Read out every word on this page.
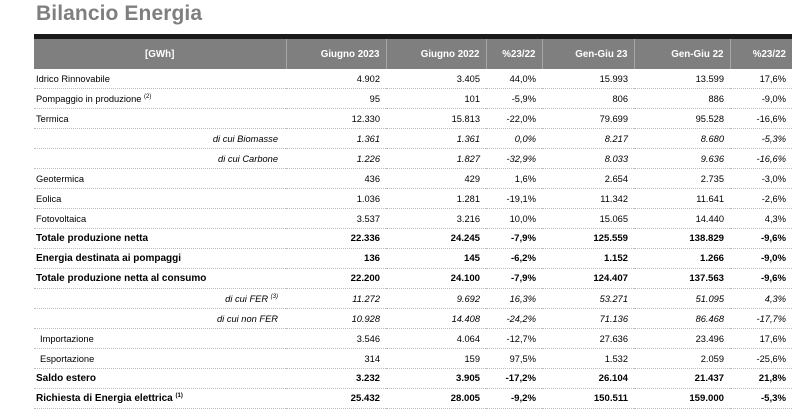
Bilancio Energia
[GWh]	Giugno 2023	Giugno 2022	%23/22	Gen-Giu 23	Gen-Giu 22	%23/22
Idrico Rinnovabile	4.902	3.405	44,0%	15.993	13.599	17,6%
Pompaggio in produzione $^{(2)}$	95	101	-5,9%	806	886	-9,0%
Termica	12.330	15.813	-22,0%	79.699	95.528	-16,6%
di cui Biomasse	1.361	1.361	0,0%	8.217	8.680	-5,3%
di cui Carbone	1.226	1.827	-32,9%	8.033	9.636	-16,6%
Geotermica	436	429	1,6%	2.654	2.735	-3,0%
Eolica	1.036	1.281	-19,1%	11.342	11.641	-2,6%
Fotovoltaica	3.537	3.216	10,0%	15.065	14.440	4,3%
Totale produzione netta	22.336	24.245	-7,9%	125.559	138.829	-9,6%
Energia destinata ai pompaggi	136	145	-6,2%	1.152	1.266	-9,0%
Totale produzione netta al consumo	22.200	24.100	-7,9%	124.407	137.563	-9,6%
di cui FER $^{(3)}$	11.272	9.692	16,3%	53.271	51.095	4,3%
di cui non FER	10.928	14.408	-24,2%	71.136	86.468	-17,7%
Importazione	3.546	4.064	-12,7%	27.636	23.496	17,6%
Esportazione	314	159	97,5%	1.532	2.059	-25,6%
Saldo estero	3.232	3.905	-17,2%	26.104	21.437	21,8%
Richiesta di Energia elettrica $^{(1)}$	25.432	28.005	-9,2%	150.511	159.000	-5,3%
